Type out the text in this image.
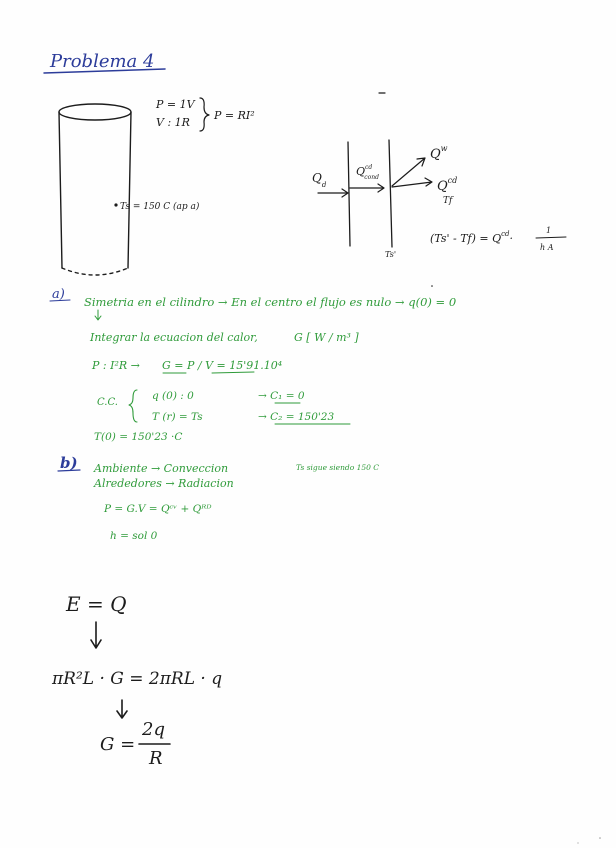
Problema 4
Ts = 150 C (ap a)
P = 1V
V : 1R
P = RI²
$Q_d$
$Q^{cd}$ cond
$Q^w$
$Q^{cd}$
Tf
Ts'
$(Ts' - Tf) = Q^{cd}\cdot$
1
h A
a) Simetria en el cilindro → En el centro el flujo es nulo → q(0) = 0
Integrar la ecuacion del calor,	G [ W / m³ ]
P : I²R → G = P / V = 15'91.10⁴
C.C.
q (0) : 0	→ C₁ = 0
T (r) = Ts	→ C₂ = 150'23
T(0) = 150'23 ·C
b) Ambiente → Conveccion	Ts sigue siendo 150 C
Alrededores → Radiacion
P = G.V = Qᶜᵛ + Qᴿᴰ
h = sol 0
E = Q
πR²L · G = 2πRL · q
G =
2q
R
